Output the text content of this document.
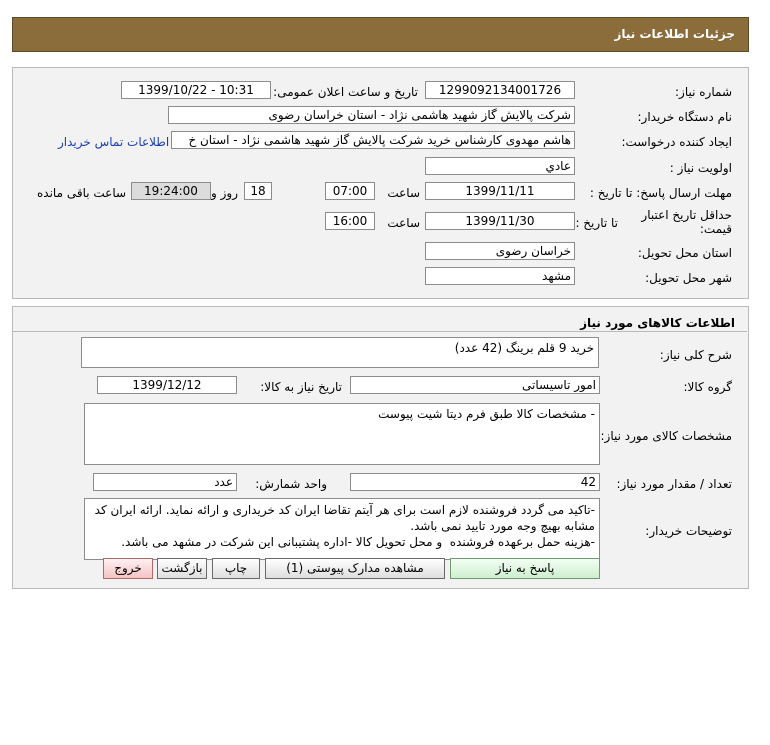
جزئیات اطلاعات نیاز
شماره نیاز:
1299092134001726
تاریخ و ساعت اعلان عمومی:
1399/10/22 - 10:31
نام دستگاه خریدار:
شرکت پالایش گاز شهید هاشمی نژاد - استان خراسان رضوی
ایجاد کننده درخواست:
هاشم مهدوی کارشناس خرید شرکت پالایش گاز شهید هاشمی نژاد - استان خ
اطلاعات تماس خریدار
اولویت نیاز :
عادي
مهلت ارسال پاسخ: تا تاریخ :
1399/11/11
ساعت
07:00
18
روز و
19:24:00
ساعت باقی مانده
حداقل تاریخ اعتبار
قیمت:
تا تاریخ :
1399/11/30
ساعت
16:00
استان محل تحویل:
خراسان رضوی
شهر محل تحویل:
مشهد
اطلاعات کالاهای مورد نیاز
شرح کلی نیاز:
خرید 9 قلم برینگ (42 عدد)
گروه کالا:
امور تاسیساتی
تاریخ نیاز به کالا:
1399/12/12
مشخصات کالای مورد نیاز:
- مشخصات کالا طبق فرم دیتا شیت پیوست
تعداد / مقدار مورد نیاز:
42
واحد شمارش:
عدد
توضیحات خریدار:
-تاکید می گردد فروشنده لازم است برای هر آیتم تقاضا ایران کد خریداری و ارائه نماید. ارائه ایران کد مشابه بهیچ وجه مورد تایید نمی باشد.
-هزینه حمل برعهده فروشنده  و محل تحویل کالا -اداره پشتیبانی این شرکت در مشهد می باشد.
پاسخ به نیاز
مشاهده مدارک پیوستی (1)
چاپ
بازگشت
خروج
